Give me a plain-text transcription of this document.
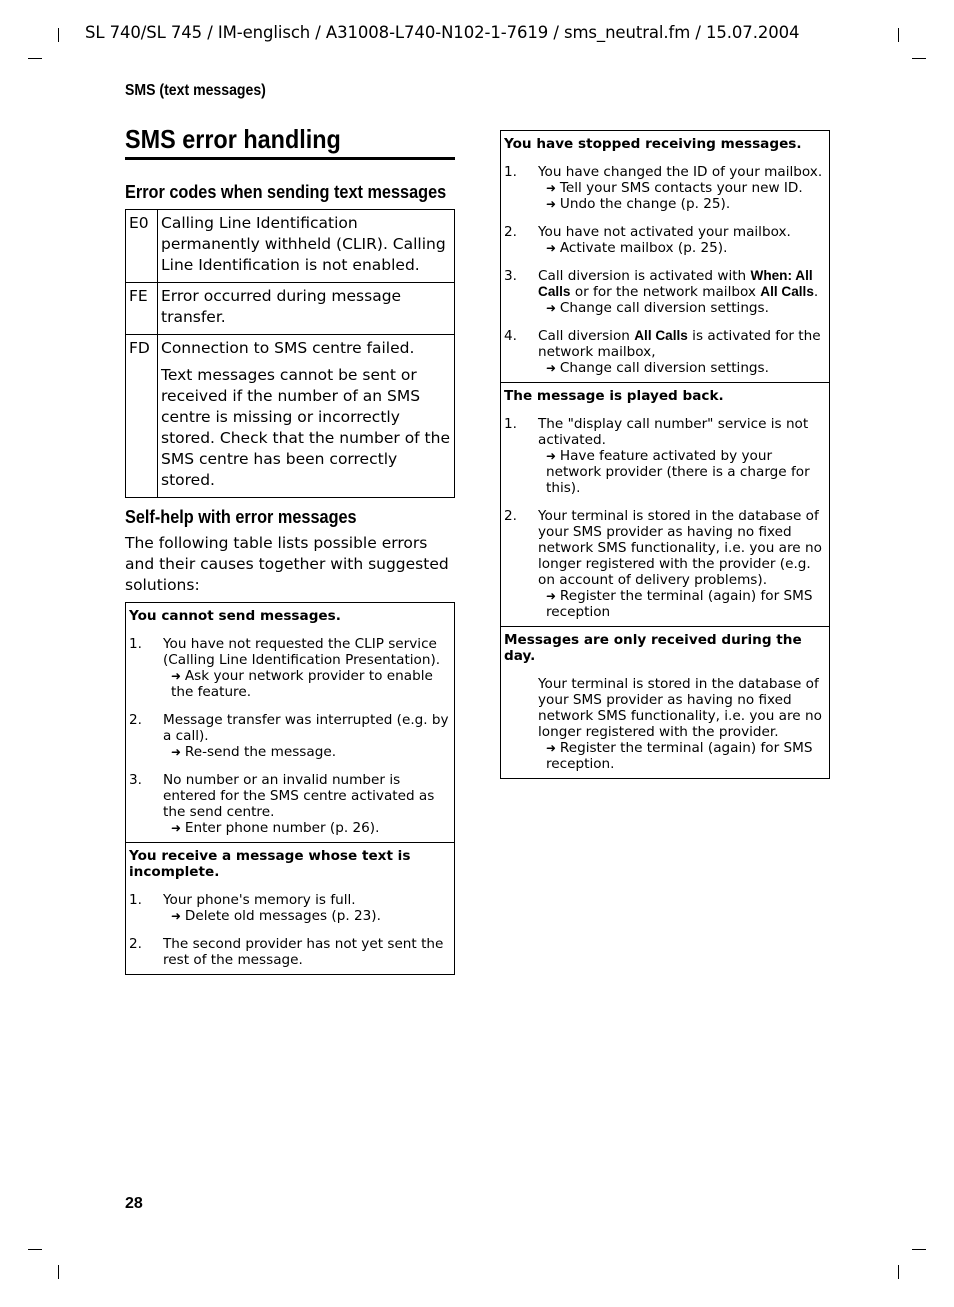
SL 740/SL 745 / IM-englisch / A31008-L740-N102-1-7619 / sms_neutral.fm / 15.07.2004
SMS (text messages)
SMS error handling
Error codes when sending text messages
E0	Calling Line Identification permanently withheld (CLIR). Calling Line Identification is not enabled.

FE	Error occurred during message transfer.

FD	Connection to SMS centre failed.

Text messages cannot be sent or received if the number of an SMS centre is missing or incorrectly stored. Check that the number of the SMS centre has been correctly stored.

Self-help with error messages
The following table lists possible errors and their causes together with suggested solutions:
You cannot send messages.
1.	You have not requested the CLIP service (Calling Line Identification Presentation).
➜ Ask your network provider to enable the feature.
2.	Message transfer was interrupted (e.g. by a call).
➜ Re-send the message.
3.	No number or an invalid number is entered for the SMS centre activated as the send centre.
➜ Enter phone number (p. 26).
You receive a message whose text is incomplete.
1.	Your phone's memory is full.
➜ Delete old messages (p. 23).
2.	The second provider has not yet sent the rest of the message.
You have stopped receiving messages.
1.	You have changed the ID of your mailbox.
➜ Tell your SMS contacts your new ID.
➜ Undo the change (p. 25).
2.	You have not activated your mailbox.
➜ Activate mailbox (p. 25).
3.	Call diversion is activated with When: All Calls or for the network mailbox All Calls.
➜ Change call diversion settings.
4.	Call diversion All Calls is activated for the network mailbox,
➜ Change call diversion settings.
The message is played back.
1.	The "display call number" service is not activated.
➜ Have feature activated by your network provider (there is a charge for this).
2.	Your terminal is stored in the database of your SMS provider as having no fixed network SMS functionality, i.e. you are no longer registered with the provider (e.g. on account of delivery problems).
➜ Register the terminal (again) for SMS reception
Messages are only received during the day.
Your terminal is stored in the database of your SMS provider as having no fixed network SMS functionality, i.e. you are no longer registered with the provider.
➜ Register the terminal (again) for SMS reception.
28
